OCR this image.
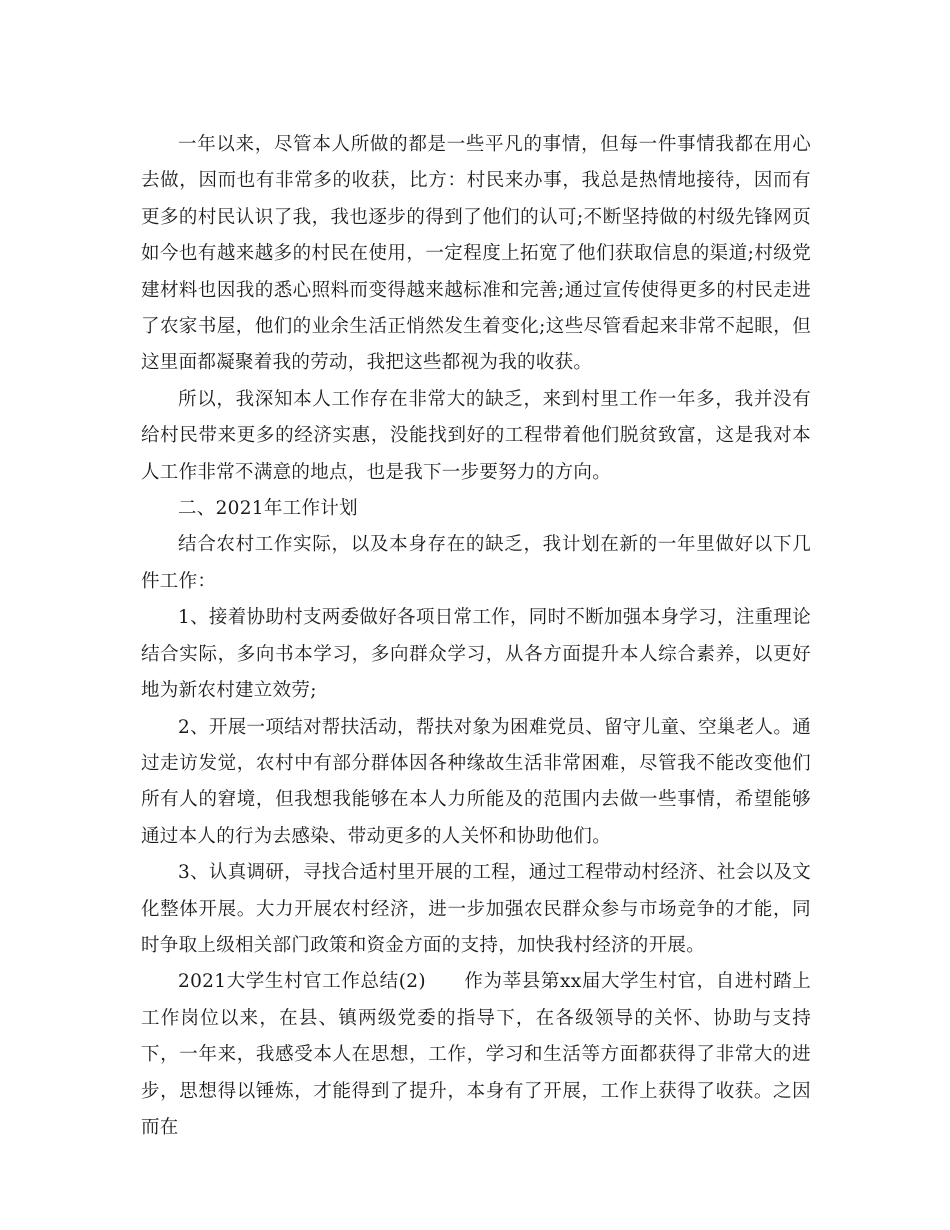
一年以来，尽管本人所做的都是一些平凡的事情，但每一件事情我都在用心去做，因而也有非常多的收获，比方：村民来办事，我总是热情地接待，因而有更多的村民认识了我，我也逐步的得到了他们的认可;不断坚持做的村级先锋网页如今也有越来越多的村民在使用，一定程度上拓宽了他们获取信息的渠道;村级党建材料也因我的悉心照料而变得越来越标准和完善;通过宣传使得更多的村民走进了农家书屋，他们的业余生活正悄然发生着变化;这些尽管看起来非常不起眼，但这里面都凝聚着我的劳动，我把这些都视为我的收获。

所以，我深知本人工作存在非常大的缺乏，来到村里工作一年多，我并没有给村民带来更多的经济实惠，没能找到好的工程带着他们脱贫致富，这是我对本人工作非常不满意的地点，也是我下一步要努力的方向。

二、2021年工作计划

结合农村工作实际，以及本身存在的缺乏，我计划在新的一年里做好以下几件工作：

1、接着协助村支两委做好各项日常工作，同时不断加强本身学习，注重理论结合实际，多向书本学习，多向群众学习，从各方面提升本人综合素养，以更好地为新农村建立效劳;

2、开展一项结对帮扶活动，帮扶对象为困难党员、留守儿童、空巢老人。通过走访发觉，农村中有部分群体因各种缘故生活非常困难，尽管我不能改变他们所有人的窘境，但我想我能够在本人力所能及的范围内去做一些事情，希望能够通过本人的行为去感染、带动更多的人关怀和协助他们。

3、认真调研，寻找合适村里开展的工程，通过工程带动村经济、社会以及文化整体开展。大力开展农村经济，进一步加强农民群众参与市场竞争的才能，同时争取上级相关部门政策和资金方面的支持，加快我村经济的开展。

2021大学生村官工作总结(2)　　作为莘县第xx届大学生村官，自进村踏上工作岗位以来，在县、镇两级党委的指导下，在各级领导的关怀、协助与支持下，一年来，我感受本人在思想，工作，学习和生活等方面都获得了非常大的进步，思想得以锤炼，才能得到了提升，本身有了开展，工作上获得了收获。之因而在
